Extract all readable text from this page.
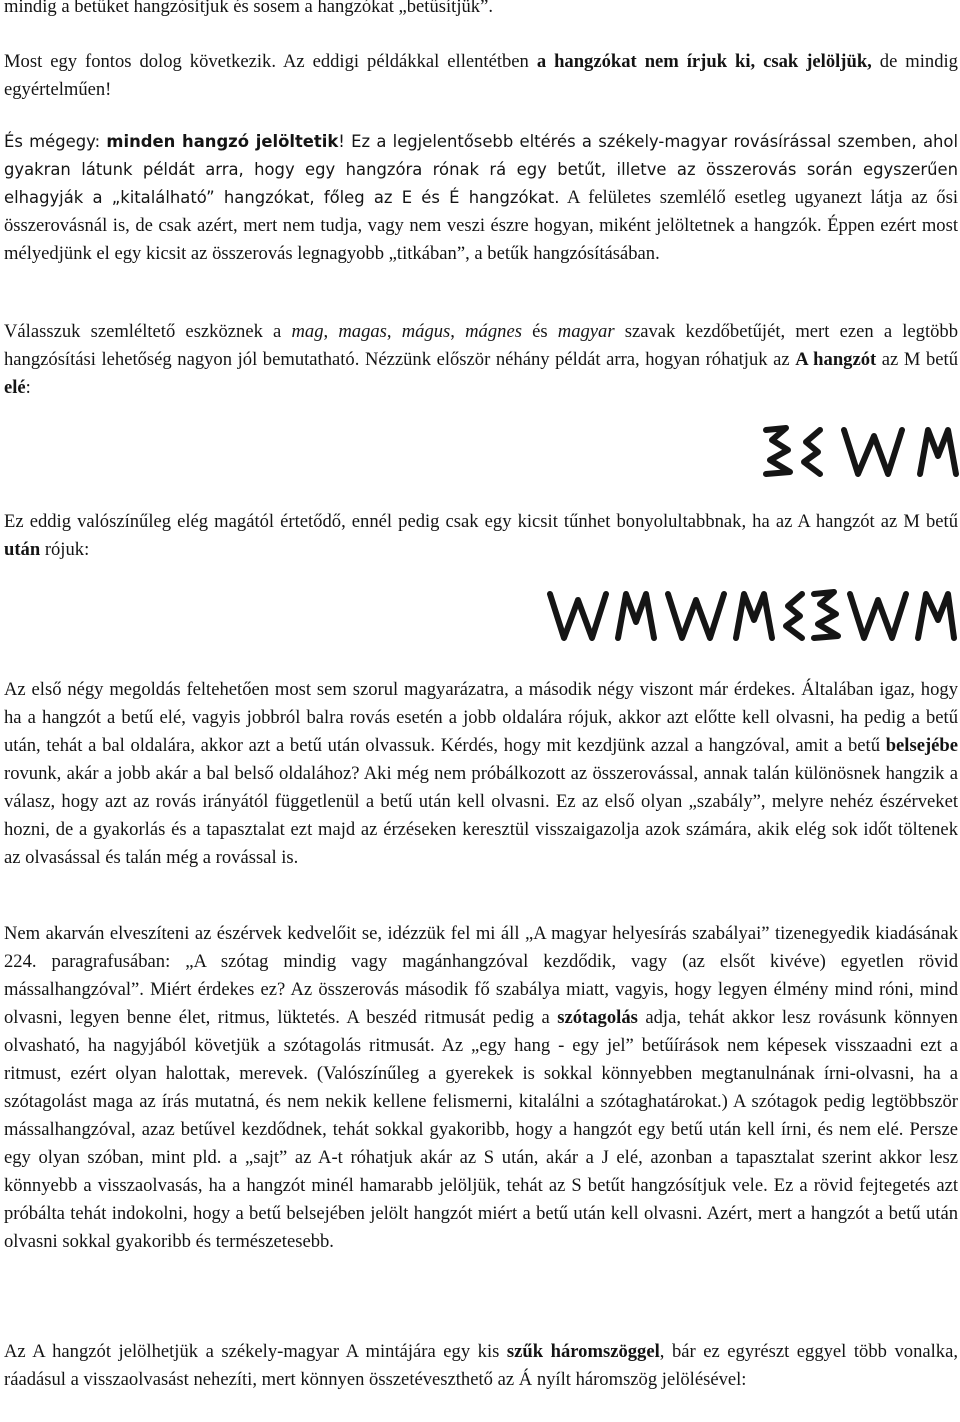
mindig a betűket hangzósítjuk és sosem a hangzókat „betűsítjük”.

Most egy fontos dolog következik. Az eddigi példákkal ellentétben a hangzókat nem írjuk ki, csak jelöljük, de mindig egyértelműen!

És mégegy: minden hangzó jelöltetik! Ez a legjelentősebb eltérés a székely-magyar rovásírással szemben, ahol gyakran látunk példát arra, hogy egy hangzóra rónak rá egy betűt, illetve az összerovás során egyszerűen elhagyják a „kitalálható” hangzókat, főleg az E és É hangzókat. A felületes szemlélő esetleg ugyanezt látja az ősi összerovásnál is, de csak azért, mert nem tudja, vagy nem veszi észre hogyan, miként jelöltetnek a hangzók. Éppen ezért most mélyedjünk el egy kicsit az összerovás legnagyobb „titkában”, a betűk hangzósításában.

Válasszuk szemléltető eszköznek a mag, magas, mágus, mágnes és magyar szavak kezdőbetűjét, mert ezen a legtöbb hangzósítási lehetőség nagyon jól bemutatható. Nézzünk először néhány példát arra, hogyan róhatjuk az A hangzót az M betű elé:

Ez eddig valószínűleg elég magától értetődő, ennél pedig csak egy kicsit tűnhet bonyolultabbnak, ha az A hangzót az M betű után rójuk:

Az első négy megoldás feltehetően most sem szorul magyarázatra, a második négy viszont már érdekes. Általában igaz, hogy ha a hangzót a betű elé, vagyis jobbról balra rovás esetén a jobb oldalára rójuk, akkor azt előtte kell olvasni, ha pedig a betű után, tehát a bal oldalára, akkor azt a betű után olvassuk. Kérdés, hogy mit kezdjünk azzal a hangzóval, amit a betű belsejébe rovunk, akár a jobb akár a bal belső oldalához? Aki még nem próbálkozott az összerovással, annak talán különösnek hangzik a válasz, hogy azt az rovás irányától függetlenül a betű után kell olvasni. Ez az első olyan „szabály”, melyre nehéz észérveket hozni, de a gyakorlás és a tapasztalat ezt majd az érzéseken keresztül visszaigazolja azok számára, akik elég sok időt töltenek az olvasással és talán még a rovással is.

Nem akarván elveszíteni az észérvek kedvelőit se, idézzük fel mi áll „A magyar helyesírás szabályai” tizenegyedik kiadásának 224. paragrafusában: „A szótag mindig vagy magánhangzóval kezdődik, vagy (az elsőt kivéve) egyetlen rövid mássalhangzóval”. Miért érdekes ez? Az összerovás második fő szabálya miatt, vagyis, hogy legyen élmény mind róni, mind olvasni, legyen benne élet, ritmus, lüktetés. A beszéd ritmusát pedig a szótagolás adja, tehát akkor lesz rovásunk könnyen olvasható, ha nagyjából követjük a szótagolás ritmusát. Az „egy hang - egy jel” betűírások nem képesek visszaadni ezt a ritmust, ezért olyan halottak, merevek. (Valószínűleg a gyerekek is sokkal könnyebben megtanulnának írni-olvasni, ha a szótagolást maga az írás mutatná, és nem nekik kellene felismerni, kitalálni a szótaghatárokat.) A szótagok pedig legtöbbször mássalhangzóval, azaz betűvel kezdődnek, tehát sokkal gyakoribb, hogy a hangzót egy betű után kell írni, és nem elé. Persze egy olyan szóban, mint pld. a „sajt” az A-t róhatjuk akár az S után, akár a J elé, azonban a tapasztalat szerint akkor lesz könnyebb a visszaolvasás, ha a hangzót minél hamarabb jelöljük, tehát az S betűt hangzósítjuk vele. Ez a rövid fejtegetés azt próbálta tehát indokolni, hogy a betű belsejében jelölt hangzót miért a betű után kell olvasni. Azért, mert a hangzót a betű után olvasni sokkal gyakoribb és természetesebb.

Az A hangzót jelölhetjük a székely-magyar A mintájára egy kis szűk háromszöggel, bár ez egyrészt eggyel több vonalka, ráadásul a visszaolvasást nehezíti, mert könnyen összetéveszthető az Á nyílt háromszög jelölésével:
